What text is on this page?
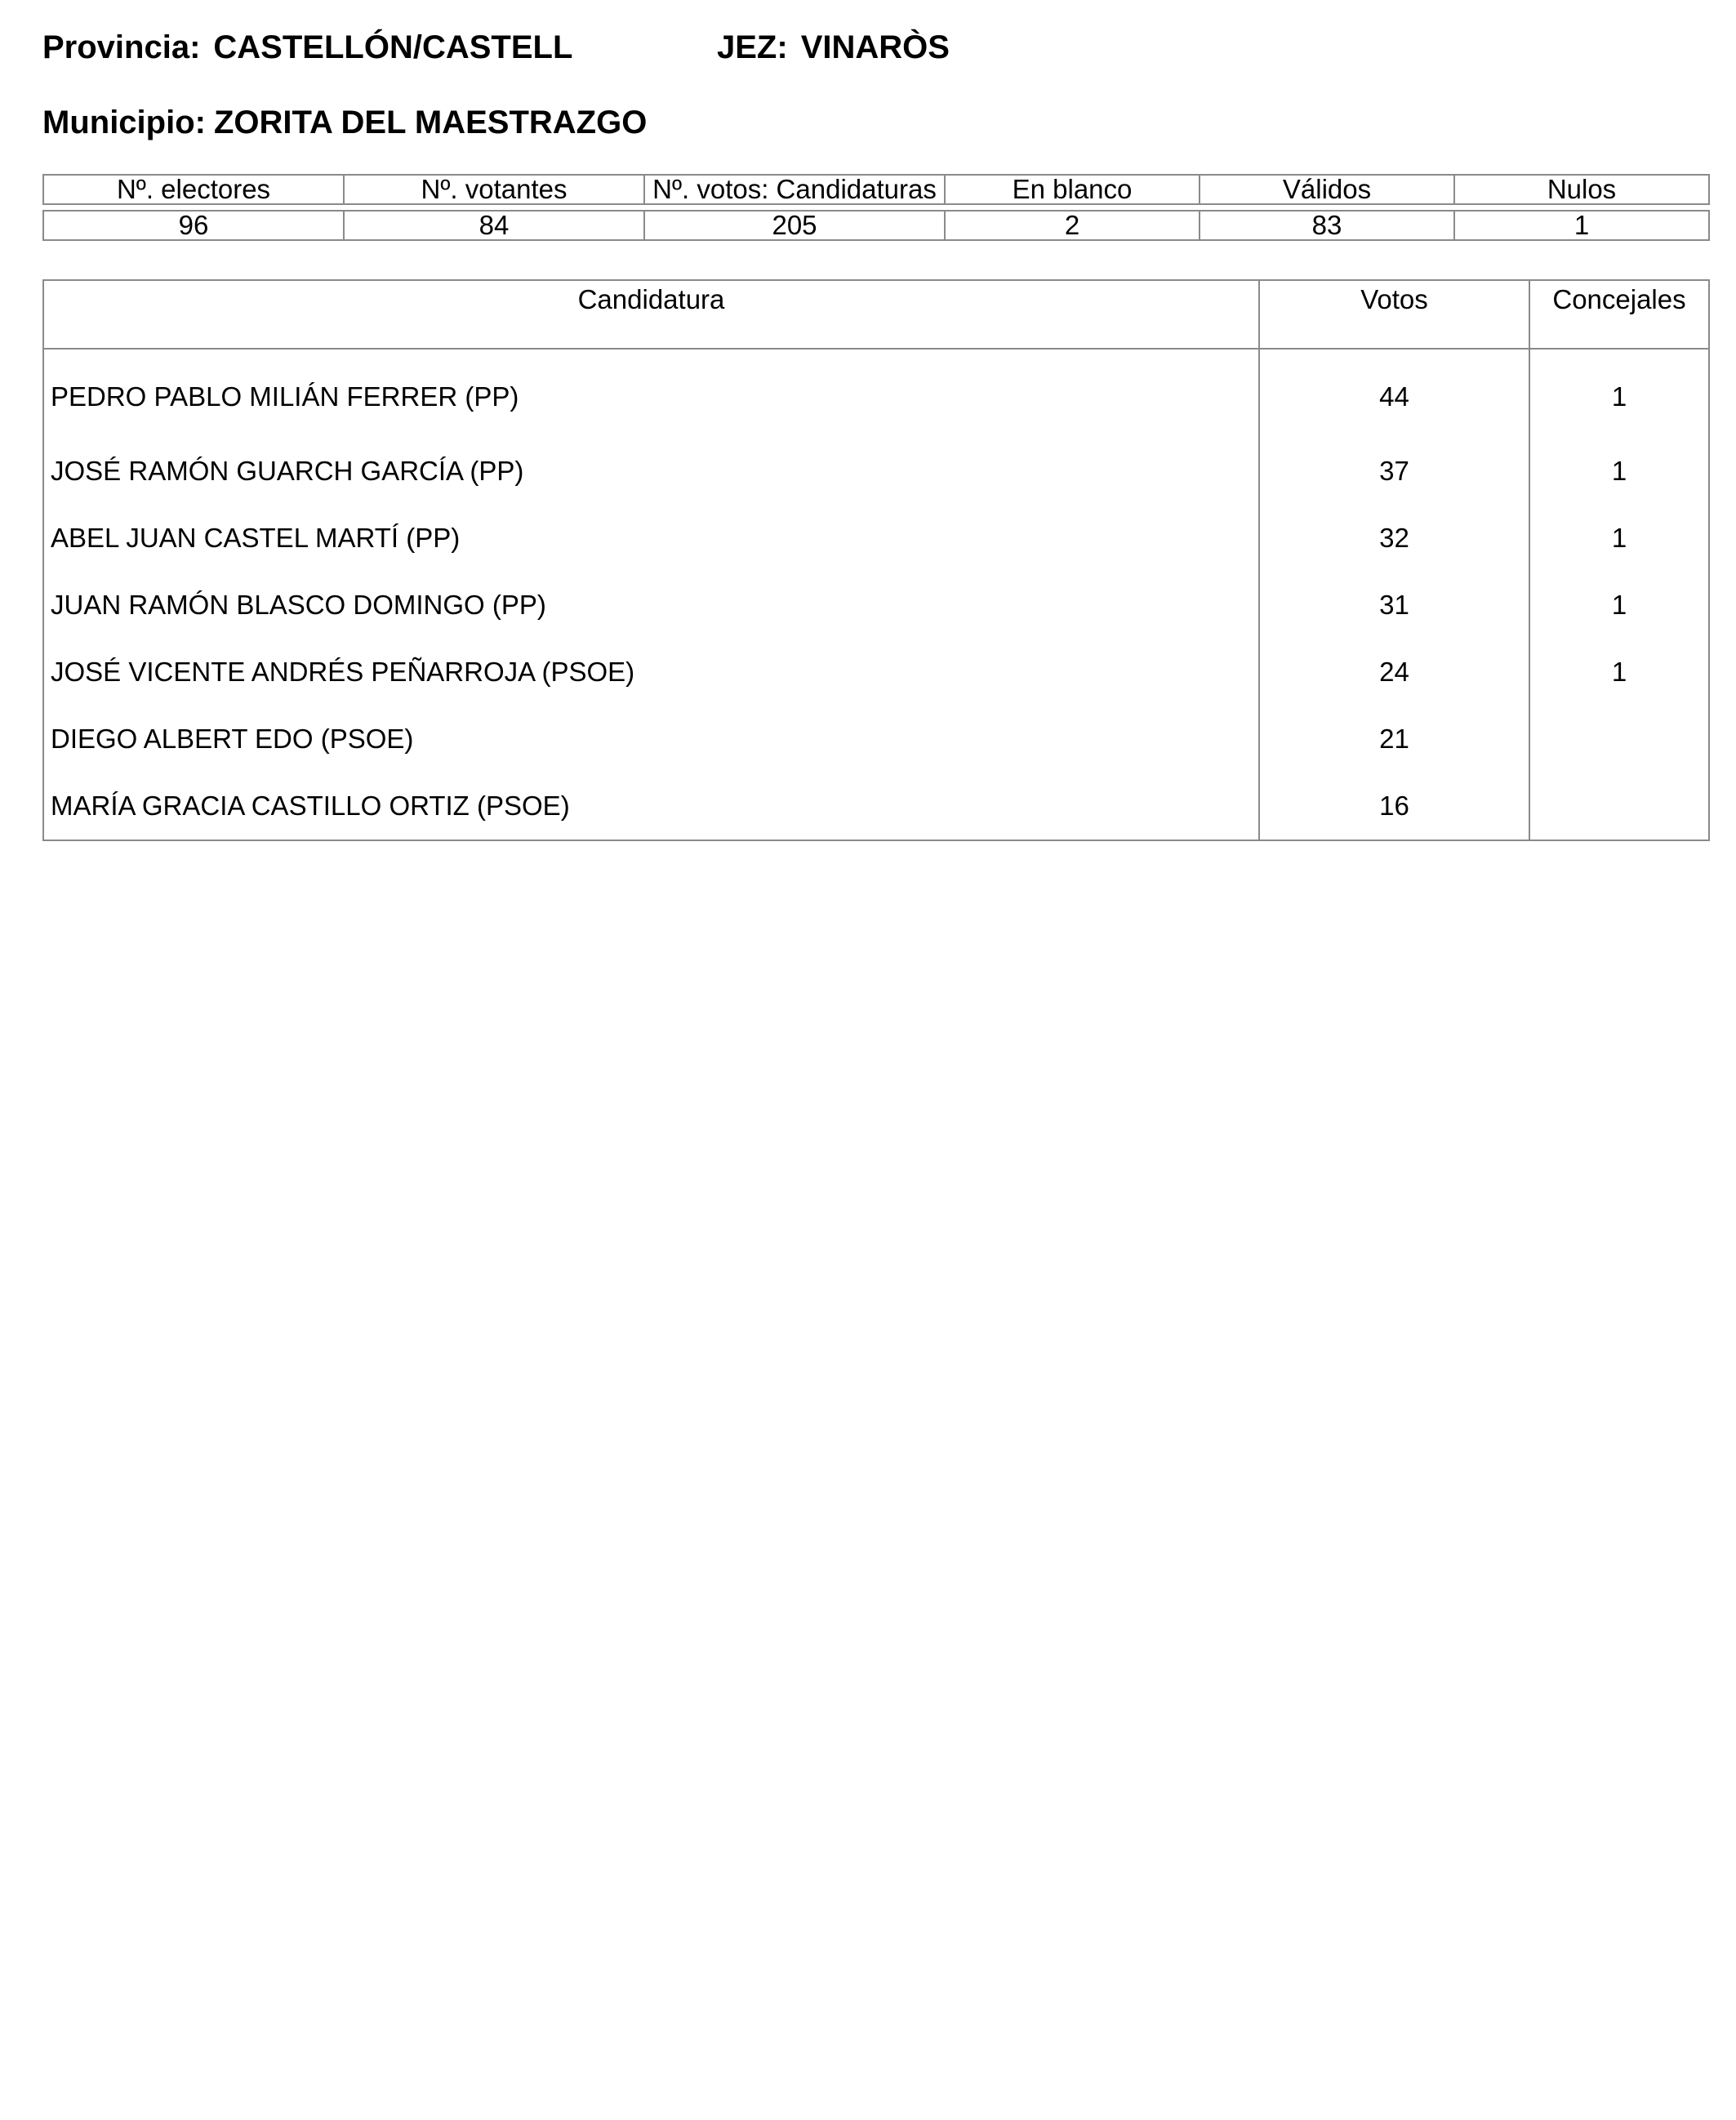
Provincia: CASTELLÓN/CASTELL	JEZ: VINARÒS
Municipio: ZORITA DEL MAESTRAZGO
Nº. electores	Nº. votantes	Nº. votos: Candidaturas	En blanco	Válidos	Nulos

96	84	205	2	83	1
Candidatura	Votos	Concejales
PEDRO PABLO MILIÁN FERRER (PP)	44	1
JOSÉ RAMÓN GUARCH GARCÍA (PP)	37	1
ABEL JUAN CASTEL MARTÍ (PP)	32	1
JUAN RAMÓN BLASCO DOMINGO (PP)	31	1
JOSÉ VICENTE ANDRÉS PEÑARROJA (PSOE)	24	1
DIEGO ALBERT EDO (PSOE)	21	
MARÍA GRACIA CASTILLO ORTIZ (PSOE)	16	
